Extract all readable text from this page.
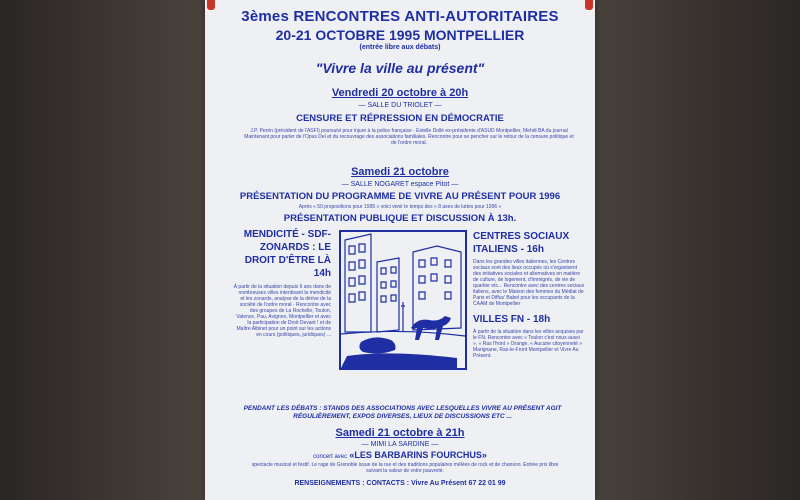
3èmes RENCONTRES ANTI-AUTORITAIRES
20-21 OCTOBRE 1995 MONTPELLIER
(entrée libre aux débats)
"Vivre la ville au présent"
Vendredi 20 octobre à 20h
— SALLE DU TRIOLET —
CENSURE ET RÉPRESSION EN DÉMOCRATIE
J.P. Perrin (président de l'ASFI) poursuivi pour injure à la police française · Estelle Dollé ex-présidente d'ASUD Montpellier, Mehdi BA du journal Maintenant pour parler de l'Opus Dei et du recouvrage des associations familiales. Rencontre pour se pencher sur le retour de la censure politique et de l'ordre moral.
Samedi 21 octobre
— SALLE NOGARET espace Pitot —
PRÉSENTATION DU PROGRAMME DE VIVRE AU PRÉSENT POUR 1996
Après « 50 propositions pour 1995 » voici venir le temps des « 8 axes de luttes pour 1996 »
PRÉSENTATION PUBLIQUE ET DISCUSSION À 13h.
MENDICITÉ - SDF-ZONARDS : LE DROIT D'ÊTRE LÀ
14h
À partir de la situation depuis 6 ans dans de nombreuses villes interdisant la mendicité et les zonards, analyse de la dérive de la société de l'ordre moral · Rencontre avec des groupes de La Rochelle, Toulon, Valence, Pau, Avignon, Montpellier et avec la participation de Droit Devant ! et de Maître Albinet pour un point sur les actions en cours (politiques, juridiques) ...
CENTRES SOCIAUX ITALIENS - 16h
Dans les grandes villes italiennes, les Centres sociaux sont des lieux occupés où s'organisent des initiatives sociales et alternatives en matière de culture, de logement, d'immigrés, de vie de quartier etc... Rencontre avec des centres sociaux italiens, avec le Maison des femmes du Médiat de Paris et Diffus' Babel pour les occupants de la CAAM de Montpellier
VILLES FN - 18h
À partir de la situation dans les villes acquises par le FN. Rencontre avec « Toulon c'est nous aussi », « Ras l'front » Orange, « Aucune citoyenneté » Marignane, Ras-le-Front Montpellier et Vivre Au Présent.
PENDANT LES DÉBATS : STANDS DES ASSOCIATIONS AVEC LESQUELLES VIVRE AU PRÉSENT AGIT RÉGULIÈREMENT, EXPOS DIVERSES, LIEUX DE DISCUSSIONS ETC ...
Samedi 21 octobre à 21h
— MIMI LA SARDINE —
concert avec «LES BARBARINS FOURCHUS»
spectacle musical et festif. Le rage de Grenoble issue de la rue et des traditions populaires mêlées de rock et de chanson. Entrée prix libre suivant la valeur de votre pauvreté.
RENSEIGNEMENTS : CONTACTS : Vivre Au Présent 67 22 01 99
